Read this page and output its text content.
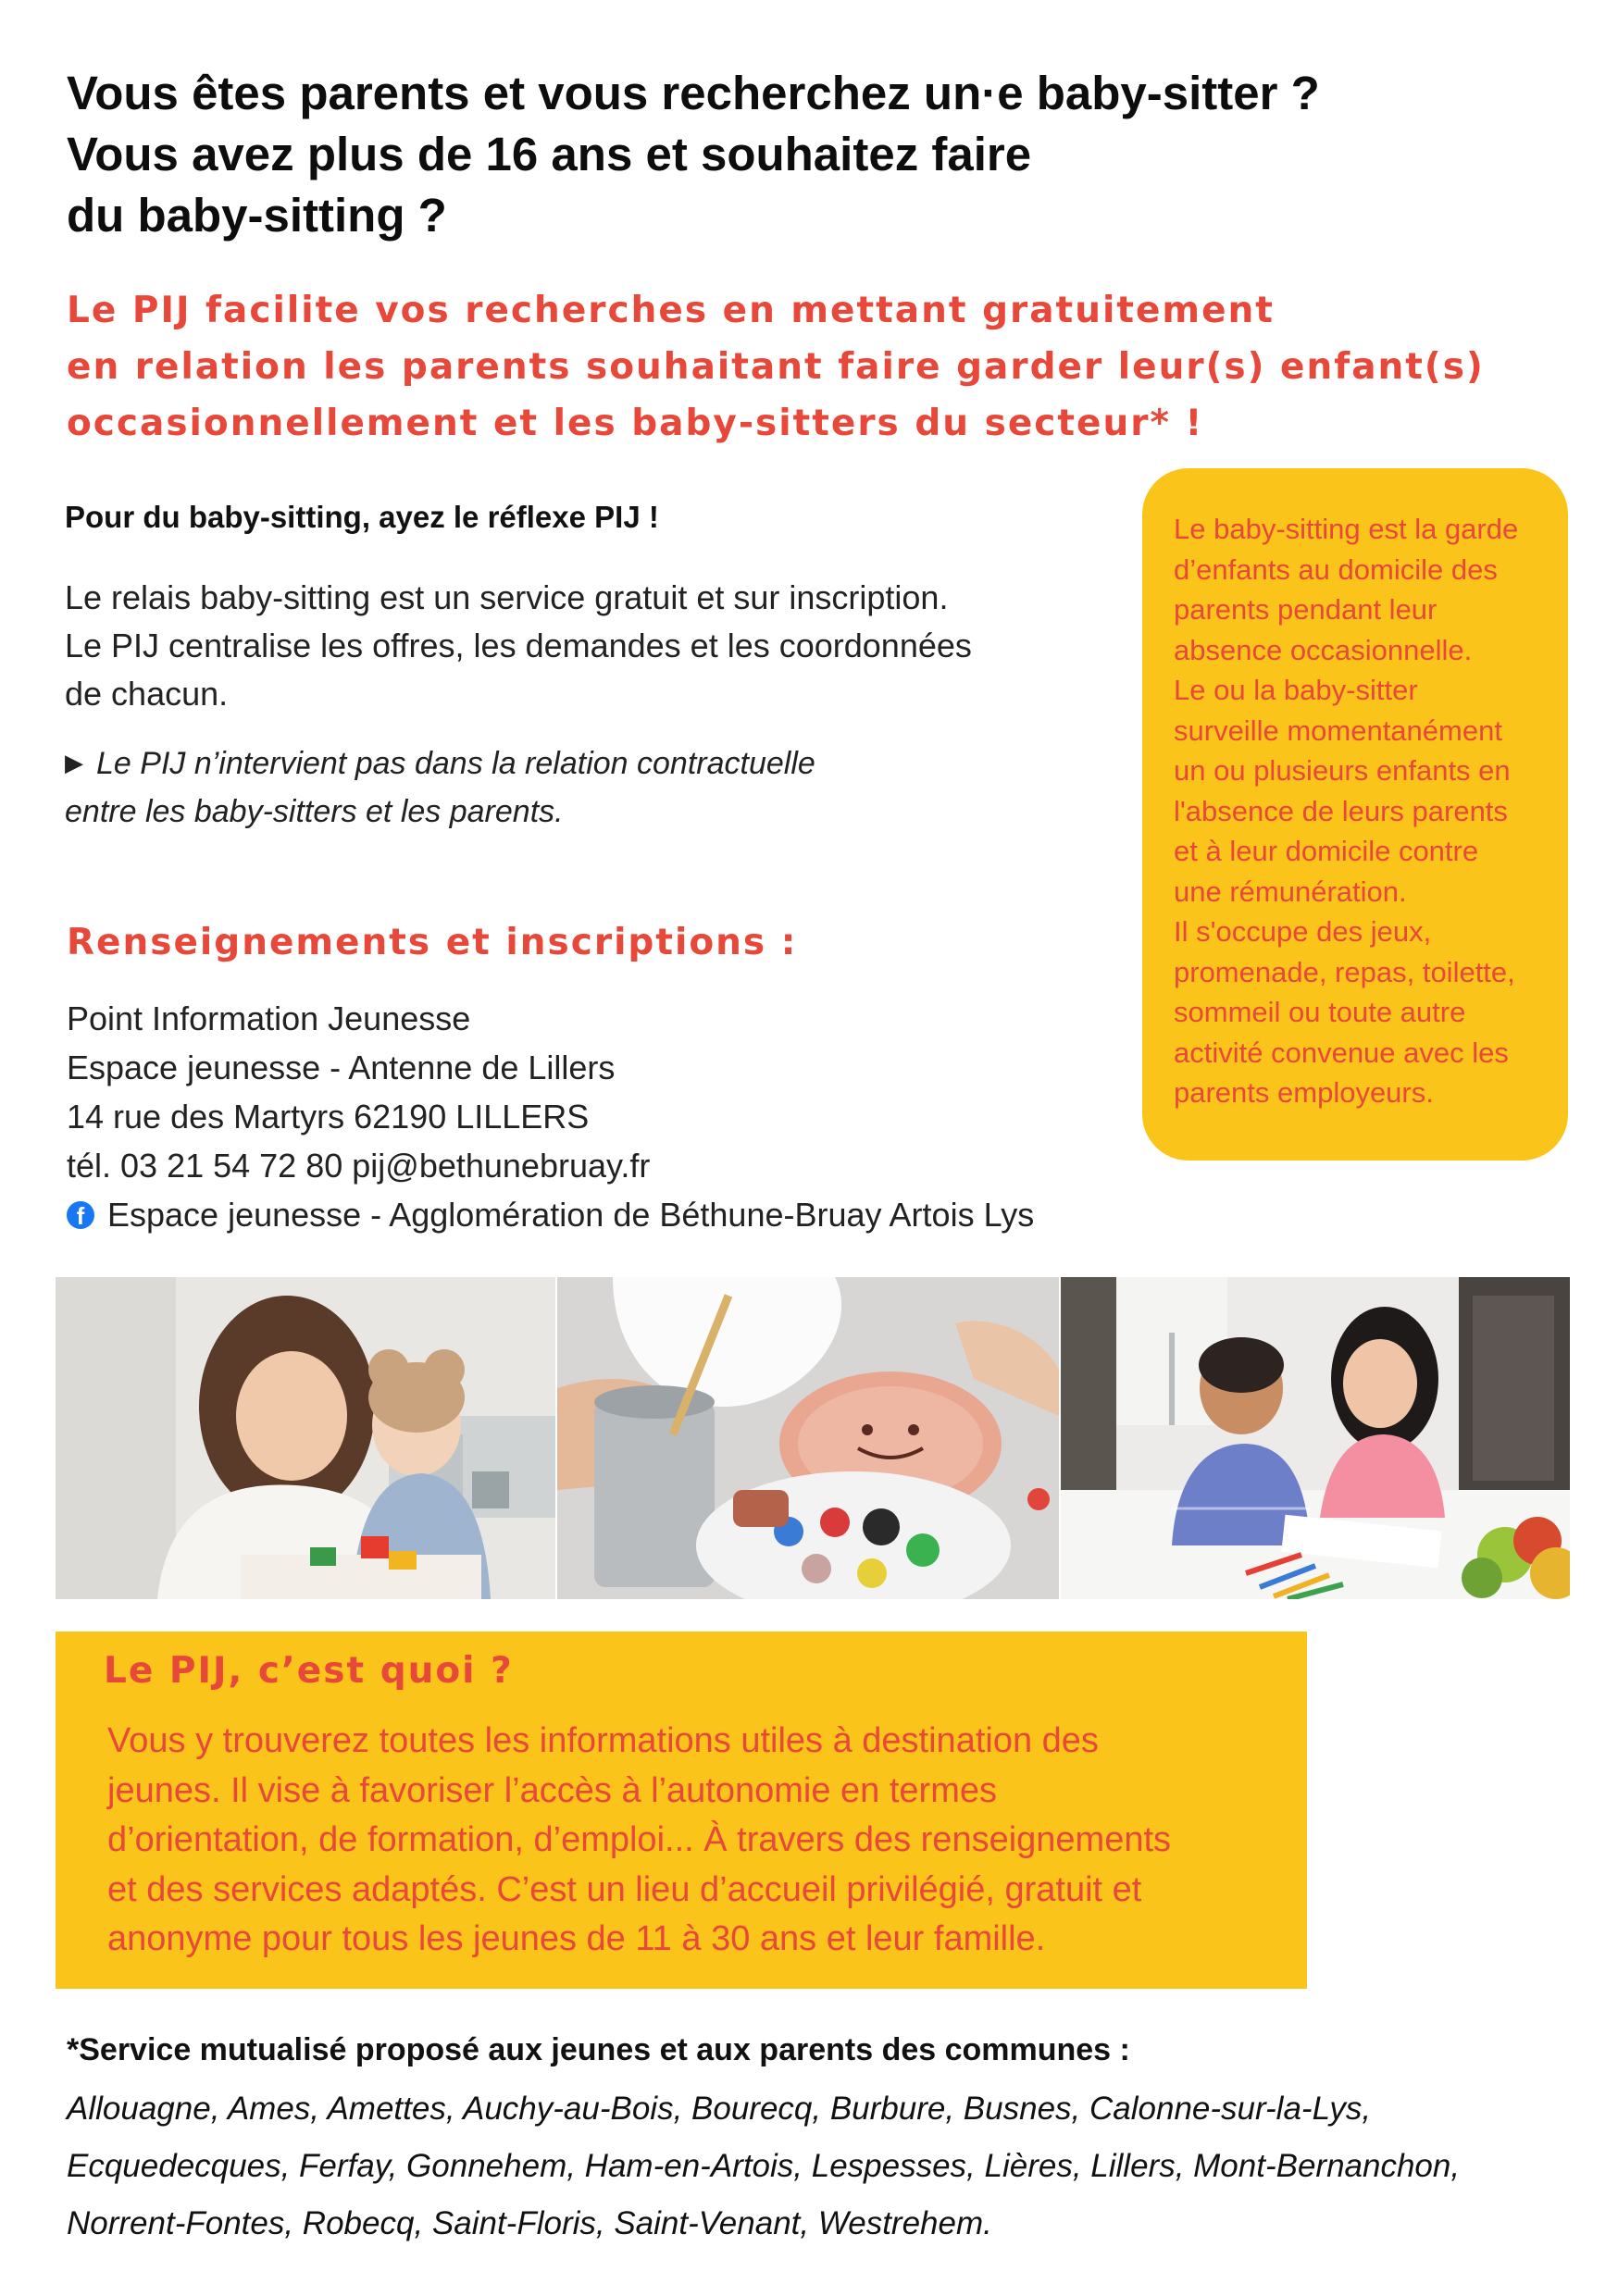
Vous êtes parents et vous recherchez un·e baby-sitter ?
Vous avez plus de 16 ans et souhaitez faire
du baby-sitting ?
Le PIJ facilite vos recherches en mettant gratuitement
en relation les parents souhaitant faire garder leur(s) enfant(s)
occasionnellement et les baby-sitters du secteur* !
Pour du baby-sitting, ayez le réflexe PIJ !
Le relais baby-sitting est un service gratuit et sur inscription.
Le PIJ centralise les offres, les demandes et les coordonnées
de chacun.
▶ Le PIJ n’intervient pas dans la relation contractuelle
entre les baby-sitters et les parents.
Renseignements et inscriptions :
Point Information Jeunesse
Espace jeunesse - Antenne de Lillers
14 rue des Martyrs 62190 LILLERS
tél. 03 21 54 72 80 pij@bethunebruay.fr
f Espace jeunesse - Agglomération de Béthune-Bruay Artois Lys
Le baby-sitting est la garde
d’enfants au domicile des
parents pendant leur
absence occasionnelle.
Le ou la baby-sitter
surveille momentanément
un ou plusieurs enfants en
l'absence de leurs parents
et à leur domicile contre
une rémunération.
Il s'occupe des jeux,
promenade, repas, toilette,
sommeil ou toute autre
activité convenue avec les
parents employeurs.
Le PIJ, c’est quoi ?
Vous y trouverez toutes les informations utiles à destination des
jeunes. Il vise à favoriser l’accès à l’autonomie en termes
d’orientation, de formation, d’emploi... À travers des renseignements
et des services adaptés. C’est un lieu d’accueil privilégié, gratuit et
anonyme pour tous les jeunes de 11 à 30 ans et leur famille.
*Service mutualisé proposé aux jeunes et aux parents des communes :
Allouagne, Ames, Amettes, Auchy-au-Bois, Bourecq, Burbure, Busnes, Calonne-sur-la-Lys,
Ecquedecques, Ferfay, Gonnehem, Ham-en-Artois, Lespesses, Lières, Lillers, Mont-Bernanchon,
Norrent-Fontes, Robecq, Saint-Floris, Saint-Venant, Westrehem.
